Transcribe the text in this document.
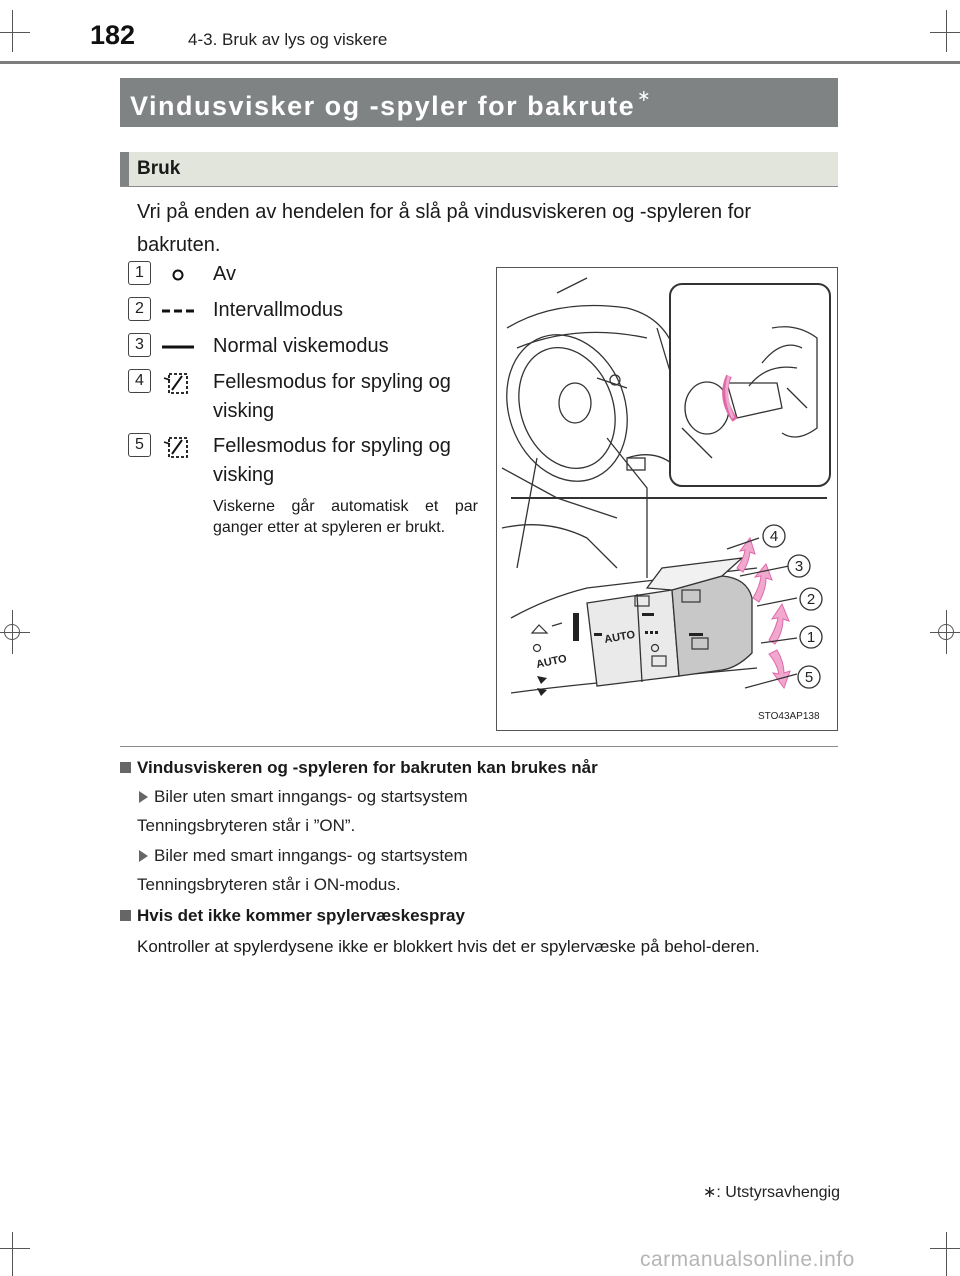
182	4-3. Bruk av lys og viskere
Vindusvisker og -spyler for bakrute ∗
Bruk
Vri på enden av hendelen for å slå på vindusviskeren og -spyleren for bakruten.
1	Av
2	Intervallmodus
3	Normal viskemodus
4	Fellesmodus for spyling og visking
5	Fellesmodus for spyling og visking
Viskerne går automatisk et par ganger etter at spyleren er brukt.
AUTO
AUTO
4
3
2
1
5
STO43AP138
Vindusviskeren og -spyleren for bakruten kan brukes når
Biler uten smart inngangs- og startsystem
Tenningsbryteren står i ”ON”.
Biler med smart inngangs- og startsystem
Tenningsbryteren står i ON-modus.
Hvis det ikke kommer spylervæskespray
Kontroller at spylerdysene ikke er blokkert hvis det er spylervæske på behol-deren.
∗: Utstyrsavhengig
carmanualsonline.info
